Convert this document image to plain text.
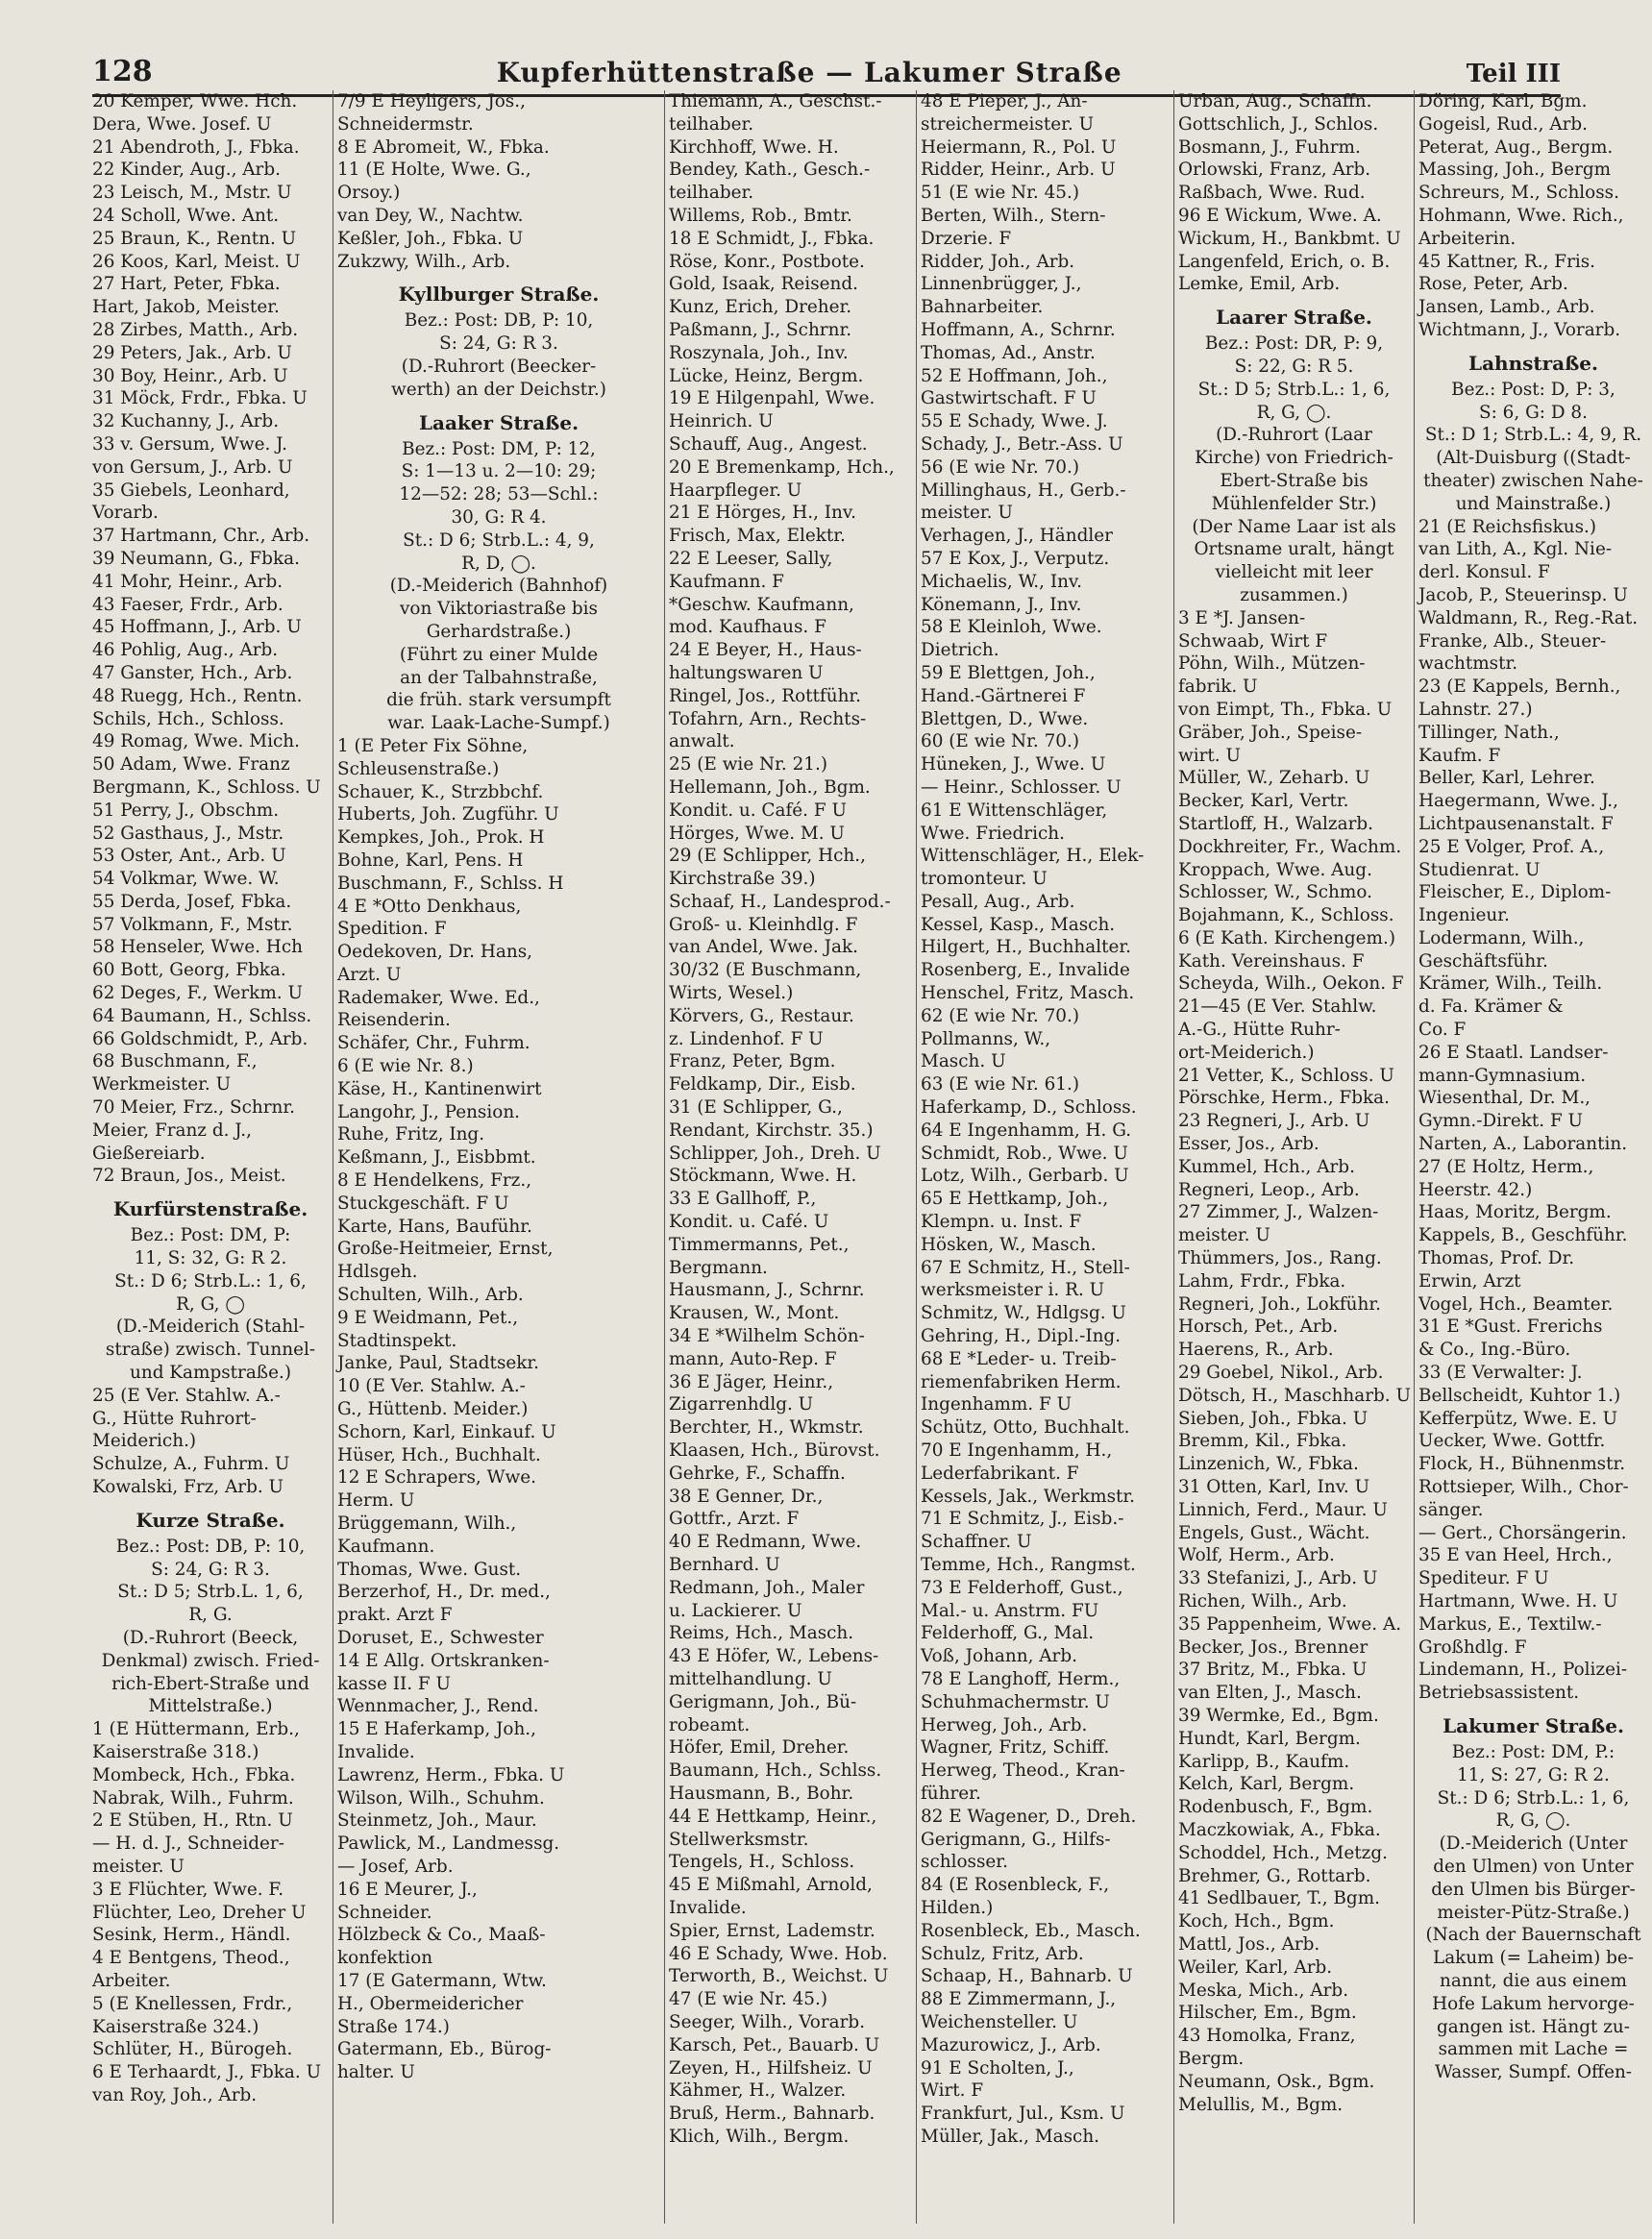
128	Kupferhüttenstraße — Lakumer Straße	Teil III
20 Kemper, Wwe. Hch.
Dera, Wwe. Josef. U
21 Abendroth, J., Fbka.
22 Kinder, Aug., Arb.
23 Leisch, M., Mstr. U
24 Scholl, Wwe. Ant.
25 Braun, K., Rentn. U
26 Koos, Karl, Meist. U
27 Hart, Peter, Fbka.
Hart, Jakob, Meister.
28 Zirbes, Matth., Arb.
29 Peters, Jak., Arb. U
30 Boy, Heinr., Arb. U
31 Möck, Frdr., Fbka. U
32 Kuchanny, J., Arb.
33 v. Gersum, Wwe. J.
von Gersum, J., Arb. U
35 Giebels, Leonhard,
Vorarb.
37 Hartmann, Chr., Arb.
39 Neumann, G., Fbka.
41 Mohr, Heinr., Arb.
43 Faeser, Frdr., Arb.
45 Hoffmann, J., Arb. U
46 Pohlig, Aug., Arb.
47 Ganster, Hch., Arb.
48 Ruegg, Hch., Rentn.
Schils, Hch., Schloss.
49 Romag, Wwe. Mich.
50 Adam, Wwe. Franz
Bergmann, K., Schloss. U
51 Perry, J., Obschm.
52 Gasthaus, J., Mstr.
53 Oster, Ant., Arb. U
54 Volkmar, Wwe. W.
55 Derda, Josef, Fbka.
57 Volkmann, F., Mstr.
58 Henseler, Wwe. Hch
60 Bott, Georg, Fbka.
62 Deges, F., Werkm. U
64 Baumann, H., Schlss.
66 Goldschmidt, P., Arb.
68 Buschmann, F.,
Werkmeister. U
70 Meier, Frz., Schrnr.
Meier, Franz d. J.,
Gießereiarb.
72 Braun, Jos., Meist.
Kurfürstenstraße.
Bez.: Post: DM, P:
11, S: 32, G: R 2.
St.: D 6; Strb.L.: 1, 6,
R, G, ◯
(D.-Meiderich (Stahl-
straße) zwisch. Tunnel-
und Kampstraße.)
25 (E Ver. Stahlw. A.-
G., Hütte Ruhrort-
Meiderich.)
Schulze, A., Fuhrm. U
Kowalski, Frz, Arb. U
Kurze Straße.
Bez.: Post: DB, P: 10,
S: 24, G: R 3.
St.: D 5; Strb.L. 1, 6,
R, G.
(D.-Ruhrort (Beeck,
Denkmal) zwisch. Fried-
rich-Ebert-Straße und
Mittelstraße.)
1 (E Hüttermann, Erb.,
Kaiserstraße 318.)
Mombeck, Hch., Fbka.
Nabrak, Wilh., Fuhrm.
2 E Stüben, H., Rtn. U
— H. d. J., Schneider-
meister. U
3 E Flüchter, Wwe. F.
Flüchter, Leo, Dreher U
Sesink, Herm., Händl.
4 E Bentgens, Theod.,
Arbeiter.
5 (E Knellessen, Frdr.,
Kaiserstraße 324.)
Schlüter, H., Bürogeh.
6 E Terhaardt, J., Fbka. U
van Roy, Joh., Arb.
7/9 E Heyligers, Jos.,
Schneidermstr.
8 E Abromeit, W., Fbka.
11 (E Holte, Wwe. G.,
Orsoy.)
van Dey, W., Nachtw.
Keßler, Joh., Fbka. U
Zukzwy, Wilh., Arb.
Kyllburger Straße.
Bez.: Post: DB, P: 10,
S: 24, G: R 3.
(D.-Ruhrort (Beecker-
werth) an der Deichstr.)
Laaker Straße.
Bez.: Post: DM, P: 12,
S: 1—13 u. 2—10: 29;
12—52: 28; 53—Schl.:
30, G: R 4.
St.: D 6; Strb.L.: 4, 9,
R, D, ◯.
(D.-Meiderich (Bahnhof)
von Viktoriastraße bis
Gerhardstraße.)
(Führt zu einer Mulde
an der Talbahnstraße,
die früh. stark versumpft
war. Laak-Lache-Sumpf.)
1 (E Peter Fix Söhne,
Schleusenstraße.)
Schauer, K., Strzbbchf.
Huberts, Joh. Zugführ. U
Kempkes, Joh., Prok. H
Bohne, Karl, Pens. H
Buschmann, F., Schlss. H
4 E *Otto Denkhaus,
Spedition. F
Oedekoven, Dr. Hans,
Arzt. U
Rademaker, Wwe. Ed.,
Reisenderin.
Schäfer, Chr., Fuhrm.
6 (E wie Nr. 8.)
Käse, H., Kantinenwirt
Langohr, J., Pension.
Ruhe, Fritz, Ing.
Keßmann, J., Eisbbmt.
8 E Hendelkens, Frz.,
Stuckgeschäft. F U
Karte, Hans, Bauführ.
Große-Heitmeier, Ernst,
Hdlsgeh.
Schulten, Wilh., Arb.
9 E Weidmann, Pet.,
Stadtinspekt.
Janke, Paul, Stadtsekr.
10 (E Ver. Stahlw. A.-
G., Hüttenb. Meider.)
Schorn, Karl, Einkauf. U
Hüser, Hch., Buchhalt.
12 E Schrapers, Wwe.
Herm. U
Brüggemann, Wilh.,
Kaufmann.
Thomas, Wwe. Gust.
Berzerhof, H., Dr. med.,
prakt. Arzt F
Doruset, E., Schwester
14 E Allg. Ortskranken-
kasse II. F U
Wennmacher, J., Rend.
15 E Haferkamp, Joh.,
Invalide.
Lawrenz, Herm., Fbka. U
Wilson, Wilh., Schuhm.
Steinmetz, Joh., Maur.
Pawlick, M., Landmessg.
— Josef, Arb.
16 E Meurer, J.,
Schneider.
Hölzbeck & Co., Maaß-
konfektion
17 (E Gatermann, Wtw.
H., Obermeidericher
Straße 174.)
Gatermann, Eb., Bürog-
halter. U
Thiemann, A., Geschst.-
teilhaber.
Kirchhoff, Wwe. H.
Bendey, Kath., Gesch.-
teilhaber.
Willems, Rob., Bmtr.
18 E Schmidt, J., Fbka.
Röse, Konr., Postbote.
Gold, Isaak, Reisend.
Kunz, Erich, Dreher.
Paßmann, J., Schrnr.
Roszynala, Joh., Inv.
Lücke, Heinz, Bergm.
19 E Hilgenpahl, Wwe.
Heinrich. U
Schauff, Aug., Angest.
20 E Bremenkamp, Hch.,
Haarpfleger. U
21 E Hörges, H., Inv.
Frisch, Max, Elektr.
22 E Leeser, Sally,
Kaufmann. F
*Geschw. Kaufmann,
mod. Kaufhaus. F
24 E Beyer, H., Haus-
haltungswaren U
Ringel, Jos., Rottführ.
Tofahrn, Arn., Rechts-
anwalt.
25 (E wie Nr. 21.)
Hellemann, Joh., Bgm.
Kondit. u. Café. F U
Hörges, Wwe. M. U
29 (E Schlipper, Hch.,
Kirchstraße 39.)
Schaaf, H., Landesprod.-
Groß- u. Kleinhdlg. F
van Andel, Wwe. Jak.
30/32 (E Buschmann,
Wirts, Wesel.)
Körvers, G., Restaur.
z. Lindenhof. F U
Franz, Peter, Bgm.
Feldkamp, Dir., Eisb.
31 (E Schlipper, G.,
Rendant, Kirchstr. 35.)
Schlipper, Joh., Dreh. U
Stöckmann, Wwe. H.
33 E Gallhoff, P.,
Kondit. u. Café. U
Timmermanns, Pet.,
Bergmann.
Hausmann, J., Schrnr.
Krausen, W., Mont.
34 E *Wilhelm Schön-
mann, Auto-Rep. F
36 E Jäger, Heinr.,
Zigarrenhdlg. U
Berchter, H., Wkmstr.
Klaasen, Hch., Bürovst.
Gehrke, F., Schaffn.
38 E Genner, Dr.,
Gottfr., Arzt. F
40 E Redmann, Wwe.
Bernhard. U
Redmann, Joh., Maler
u. Lackierer. U
Reims, Hch., Masch.
43 E Höfer, W., Lebens-
mittelhandlung. U
Gerigmann, Joh., Bü-
robeamt.
Höfer, Emil, Dreher.
Baumann, Hch., Schlss.
Hausmann, B., Bohr.
44 E Hettkamp, Heinr.,
Stellwerksmstr.
Tengels, H., Schloss.
45 E Mißmahl, Arnold,
Invalide.
Spier, Ernst, Lademstr.
46 E Schady, Wwe. Hob.
Terworth, B., Weichst. U
47 (E wie Nr. 45.)
Seeger, Wilh., Vorarb.
Karsch, Pet., Bauarb. U
Zeyen, H., Hilfsheiz. U
Kähmer, H., Walzer.
Bruß, Herm., Bahnarb.
Klich, Wilh., Bergm.
48 E Pieper, J., An-
streichermeister. U
Heiermann, R., Pol. U
Ridder, Heinr., Arb. U
51 (E wie Nr. 45.)
Berten, Wilh., Stern-
Drzerie. F
Ridder, Joh., Arb.
Linnenbrügger, J.,
Bahnarbeiter.
Hoffmann, A., Schrnr.
Thomas, Ad., Anstr.
52 E Hoffmann, Joh.,
Gastwirtschaft. F U
55 E Schady, Wwe. J.
Schady, J., Betr.-Ass. U
56 (E wie Nr. 70.)
Millinghaus, H., Gerb.-
meister. U
Verhagen, J., Händler
57 E Kox, J., Verputz.
Michaelis, W., Inv.
Könemann, J., Inv.
58 E Kleinloh, Wwe.
Dietrich.
59 E Blettgen, Joh.,
Hand.-Gärtnerei F
Blettgen, D., Wwe.
60 (E wie Nr. 70.)
Hüneken, J., Wwe. U
— Heinr., Schlosser. U
61 E Wittenschläger,
Wwe. Friedrich.
Wittenschläger, H., Elek-
tromonteur. U
Pesall, Aug., Arb.
Kessel, Kasp., Masch.
Hilgert, H., Buchhalter.
Rosenberg, E., Invalide
Henschel, Fritz, Masch.
62 (E wie Nr. 70.)
Pollmanns, W.,
Masch. U
63 (E wie Nr. 61.)
Haferkamp, D., Schloss.
64 E Ingenhamm, H. G.
Schmidt, Rob., Wwe. U
Lotz, Wilh., Gerbarb. U
65 E Hettkamp, Joh.,
Klempn. u. Inst. F
Hösken, W., Masch.
67 E Schmitz, H., Stell-
werksmeister i. R. U
Schmitz, W., Hdlgsg. U
Gehring, H., Dipl.-Ing.
68 E *Leder- u. Treib-
riemenfabriken Herm.
Ingenhamm. F U
Schütz, Otto, Buchhalt.
70 E Ingenhamm, H.,
Lederfabrikant. F
Kessels, Jak., Werkmstr.
71 E Schmitz, J., Eisb.-
Schaffner. U
Temme, Hch., Rangmst.
73 E Felderhoff, Gust.,
Mal.- u. Anstrm. FU
Felderhoff, G., Mal.
Voß, Johann, Arb.
78 E Langhoff, Herm.,
Schuhmachermstr. U
Herweg, Joh., Arb.
Wagner, Fritz, Schiff.
Herweg, Theod., Kran-
führer.
82 E Wagener, D., Dreh.
Gerigmann, G., Hilfs-
schlosser.
84 (E Rosenbleck, F.,
Hilden.)
Rosenbleck, Eb., Masch.
Schulz, Fritz, Arb.
Schaap, H., Bahnarb. U
88 E Zimmermann, J.,
Weichensteller. U
Mazurowicz, J., Arb.
91 E Scholten, J.,
Wirt. F
Frankfurt, Jul., Ksm. U
Müller, Jak., Masch.
Urban, Aug., Schaffn.
Gottschlich, J., Schlos.
Bosmann, J., Fuhrm.
Orlowski, Franz, Arb.
Raßbach, Wwe. Rud.
96 E Wickum, Wwe. A.
Wickum, H., Bankbmt. U
Langenfeld, Erich, o. B.
Lemke, Emil, Arb.
Laarer Straße.
Bez.: Post: DR, P: 9,
S: 22, G: R 5.
St.: D 5; Strb.L.: 1, 6,
R, G, ◯.
(D.-Ruhrort (Laar
Kirche) von Friedrich-
Ebert-Straße bis
Mühlenfelder Str.)
(Der Name Laar ist als
Ortsname uralt, hängt
vielleicht mit leer
zusammen.)
3 E *J. Jansen-
Schwaab, Wirt F
Pöhn, Wilh., Mützen-
fabrik. U
von Eimpt, Th., Fbka. U
Gräber, Joh., Speise-
wirt. U
Müller, W., Zeharb. U
Becker, Karl, Vertr.
Startloff, H., Walzarb.
Dockhreiter, Fr., Wachm.
Kroppach, Wwe. Aug.
Schlosser, W., Schmo.
Bojahmann, K., Schloss.
6 (E Kath. Kirchengem.)
Kath. Vereinshaus. F
Scheyda, Wilh., Oekon. F
21—45 (E Ver. Stahlw.
A.-G., Hütte Ruhr-
ort-Meiderich.)
21 Vetter, K., Schloss. U
Pörschke, Herm., Fbka.
23 Regneri, J., Arb. U
Esser, Jos., Arb.
Kummel, Hch., Arb.
Regneri, Leop., Arb.
27 Zimmer, J., Walzen-
meister. U
Thümmers, Jos., Rang.
Lahm, Frdr., Fbka.
Regneri, Joh., Lokführ.
Horsch, Pet., Arb.
Haerens, R., Arb.
29 Goebel, Nikol., Arb.
Dötsch, H., Maschharb. U
Sieben, Joh., Fbka. U
Bremm, Kil., Fbka.
Linzenich, W., Fbka.
31 Otten, Karl, Inv. U
Linnich, Ferd., Maur. U
Engels, Gust., Wächt.
Wolf, Herm., Arb.
33 Stefanizi, J., Arb. U
Richen, Wilh., Arb.
35 Pappenheim, Wwe. A.
Becker, Jos., Brenner
37 Britz, M., Fbka. U
van Elten, J., Masch.
39 Wermke, Ed., Bgm.
Hundt, Karl, Bergm.
Karlipp, B., Kaufm.
Kelch, Karl, Bergm.
Rodenbusch, F., Bgm.
Maczkowiak, A., Fbka.
Schoddel, Hch., Metzg.
Brehmer, G., Rottarb.
41 Sedlbauer, T., Bgm.
Koch, Hch., Bgm.
Mattl, Jos., Arb.
Weiler, Karl, Arb.
Meska, Mich., Arb.
Hilscher, Em., Bgm.
43 Homolka, Franz,
Bergm.
Neumann, Osk., Bgm.
Melullis, M., Bgm.
Döring, Karl, Bgm.
Gogeisl, Rud., Arb.
Peterat, Aug., Bergm.
Massing, Joh., Bergm
Schreurs, M., Schloss.
Hohmann, Wwe. Rich.,
Arbeiterin.
45 Kattner, R., Fris.
Rose, Peter, Arb.
Jansen, Lamb., Arb.
Wichtmann, J., Vorarb.
Lahnstraße.
Bez.: Post: D, P: 3,
S: 6, G: D 8.
St.: D 1; Strb.L.: 4, 9, R.
(Alt-Duisburg ((Stadt-
theater) zwischen Nahe-
und Mainstraße.)
21 (E Reichsfiskus.)
van Lith, A., Kgl. Nie-
derl. Konsul. F
Jacob, P., Steuerinsp. U
Waldmann, R., Reg.-Rat.
Franke, Alb., Steuer-
wachtmstr.
23 (E Kappels, Bernh.,
Lahnstr. 27.)
Tillinger, Nath.,
Kaufm. F
Beller, Karl, Lehrer.
Haegermann, Wwe. J.,
Lichtpausenanstalt. F
25 E Volger, Prof. A.,
Studienrat. U
Fleischer, E., Diplom-
Ingenieur.
Lodermann, Wilh.,
Geschäftsführ.
Krämer, Wilh., Teilh.
d. Fa. Krämer &
Co. F
26 E Staatl. Landser-
mann-Gymnasium.
Wiesenthal, Dr. M.,
Gymn.-Direkt. F U
Narten, A., Laborantin.
27 (E Holtz, Herm.,
Heerstr. 42.)
Haas, Moritz, Bergm.
Kappels, B., Geschführ.
Thomas, Prof. Dr.
Erwin, Arzt
Vogel, Hch., Beamter.
31 E *Gust. Frerichs
& Co., Ing.-Büro.
33 (E Verwalter: J.
Bellscheidt, Kuhtor 1.)
Kefferpütz, Wwe. E. U
Uecker, Wwe. Gottfr.
Flock, H., Bühnenmstr.
Rottsieper, Wilh., Chor-
sänger.
— Gert., Chorsängerin.
35 E van Heel, Hrch.,
Spediteur. F U
Hartmann, Wwe. H. U
Markus, E., Textilw.-
Großhdlg. F
Lindemann, H., Polizei-
Betriebsassistent.
Lakumer Straße.
Bez.: Post: DM, P.:
11, S: 27, G: R 2.
St.: D 6; Strb.L.: 1, 6,
R, G, ◯.
(D.-Meiderich (Unter
den Ulmen) von Unter
den Ulmen bis Bürger-
meister-Pütz-Straße.)
(Nach der Bauernschaft
Lakum (= Laheim) be-
nannt, die aus einem
Hofe Lakum hervorge-
gangen ist. Hängt zu-
sammen mit Lache =
Wasser, Sumpf. Offen-
